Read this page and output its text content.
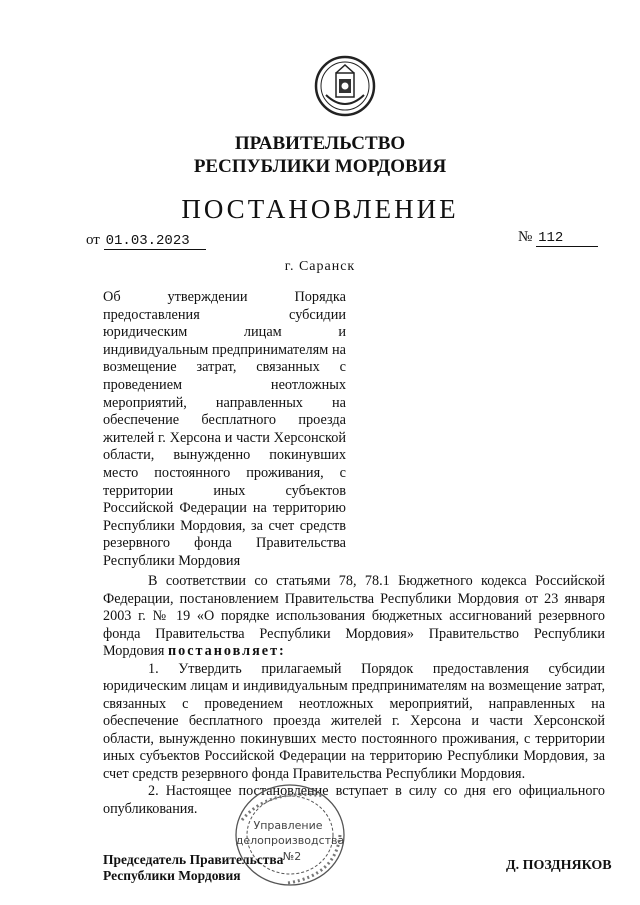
ПРАВИТЕЛЬСТВО
РЕСПУБЛИКИ МОРДОВИЯ
ПОСТАНОВЛЕНИЕ
от 01.03.2023	№ 112
г. Саранск
Об утверждении Порядка предоставления субсидии юридическим лицам и индивидуальным предпринимателям на возмещение затрат, связанных с проведением неотложных мероприятий, направленных на обеспечение бесплатного проезда жителей г. Херсона и части Херсонской области, вынужденно покинувших место постоянного проживания, с территории иных субъектов Российской Федерации на территорию Республики Мордовия, за счет средств резервного фонда Правительства Республики Мордовия

В соответствии со статьями 78, 78.1 Бюджетного кодекса Российской Федерации, постановлением Правительства Республики Мордовия от 23 января 2003 г. № 19 «О порядке использования бюджетных ассигнований резервного фонда Правительства Республики Мордовия» Правительство Республики Мордовия постановляет:

1. Утвердить прилагаемый Порядок предоставления субсидии юридическим лицам и индивидуальным предпринимателям на возмещение затрат, связанных с проведением неотложных мероприятий, направленных на обеспечение бесплатного проезда жителей г. Херсона и части Херсонской области, вынужденно покинувших место постоянного проживания, с территории иных субъектов Российской Федерации на территорию Республики Мордовия, за счет средств резервного фонда Правительства Республики Мордовия.

2. Настоящее постановление вступает в силу со дня его официального опубликования.

Управление
делопроизводства
№2
Председатель Правительства
Республики Мордовия
Д. ПОЗДНЯКОВ
